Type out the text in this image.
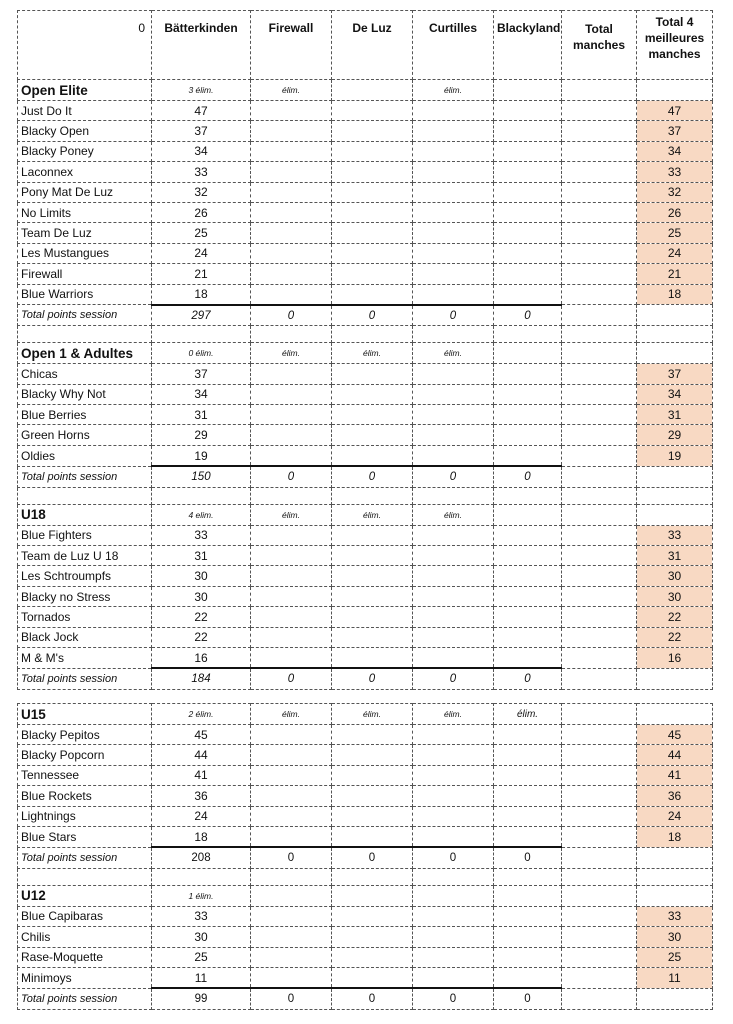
0	Bätterkinden	Firewall	De Luz	Curtilles	Blackyland	Total manches	Total 4 meilleures manches
Open Elite	3 élim.	élim.		élim.			
Just Do It	47						47
Blacky Open	37						37
Blacky Poney	34						34
Laconnex	33						33
Pony Mat De Luz	32						32
No Limits	26						26
Team De Luz	25						25
Les Mustangues	24						24
Firewall	21						21
Blue Warriors	18						18
Total points session	297	0	0	0	0		

Open 1 & Adultes	0 élim.	élim.	élim.	élim.			
Chicas	37						37
Blacky Why Not	34						34
Blue Berries	31						31
Green Horns	29						29
Oldies	19						19
Total points session	150	0	0	0	0		

U18	4 elim.	élim.	élim.	élim.			
Blue Fighters	33						33
Team de Luz U 18	31						31
Les Schtroumpfs	30						30
Blacky no Stress	30						30
Tornados	22						22
Black Jock	22						22
M & M's	16						16
Total points session	184	0	0	0	0		
U15	2 élim.	élim.	élim.	élim.	élim.		
Blacky Pepitos	45						45
Blacky Popcorn	44						44
Tennessee	41						41
Blue Rockets	36						36
Lightnings	24						24
Blue Stars	18						18
Total points session	208	0	0	0	0		

U12	1 élim.						
Blue Capibaras	33						33
Chilis	30						30
Rase-Moquette	25						25
Minimoys	11						11
Total points session	99	0	0	0	0		
